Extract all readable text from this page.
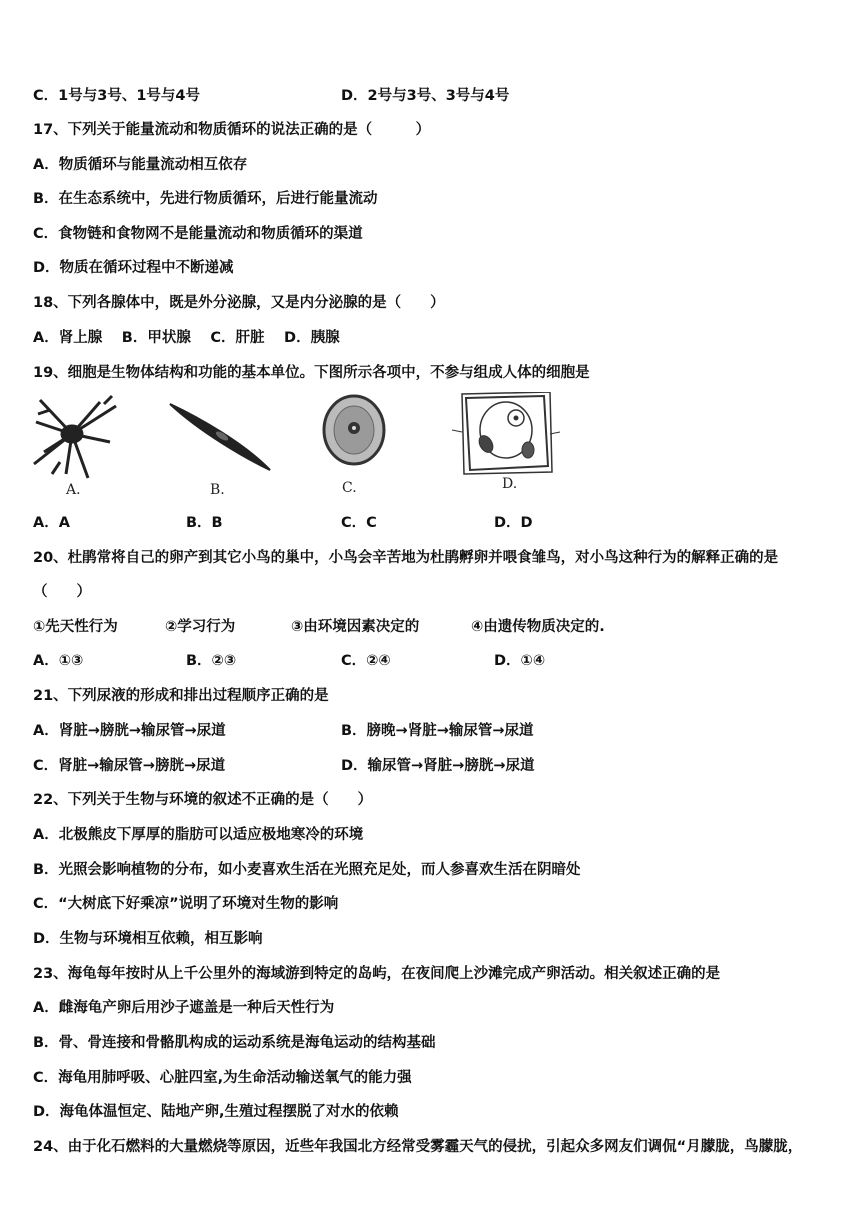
C．1号与3号、1号与4号	D．2号与3号、3号与4号
17、下列关于能量流动和物质循环的说法正确的是（　　　）
A．物质循环与能量流动相互依存
B．在生态系统中，先进行物质循环，后进行能量流动
C．食物链和食物网不是能量流动和物质循环的渠道
D．物质在循环过程中不断递减
18、下列各腺体中，既是外分泌腺，又是内分泌腺的是（　　）
A．肾上腺　 B．甲状腺　 C．肝脏　 D．胰腺
19、细胞是生物体结构和功能的基本单位。下图所示各项中，不参与组成人体的细胞是
A.	B.	C.	D.
A．A	B．B	C．C	D．D
20、杜鹃常将自己的卵产到其它小鸟的巢中，小鸟会辛苦地为杜鹃孵卵并喂食雏鸟，对小鸟这种行为的解释正确的是
（　　）
①先天性行为	②学习行为	③由环境因素决定的	④由遗传物质决定的.
A．①③	B．②③	C．②④	D．①④
21、下列尿液的形成和排出过程顺序正确的是
A．肾脏→膀胱→输尿管→尿道	B．膀晚→肾脏→输尿管→尿道
C．肾脏→输尿管→膀胱→尿道	D．输尿管→肾脏→膀胱→尿道
22、下列关于生物与环境的叙述不正确的是（　　）
A．北极熊皮下厚厚的脂肪可以适应极地寒冷的环境
B．光照会影响植物的分布，如小麦喜欢生活在光照充足处，而人参喜欢生活在阴暗处
C．“大树底下好乘凉”说明了环境对生物的影响
D．生物与环境相互依赖，相互影响
23、海龟每年按时从上千公里外的海域游到特定的岛屿，在夜间爬上沙滩完成产卵活动。相关叙述正确的是
A．雌海龟产卵后用沙子遮盖是一种后天性行为
B．骨、骨连接和骨骼肌构成的运动系统是海龟运动的结构基础
C．海龟用肺呼吸、心脏四室,为生命活动输送氧气的能力强
D．海龟体温恒定、陆地产卵,生殖过程摆脱了对水的依赖
24、由于化石燃料的大量燃烧等原因，近些年我国北方经常受雾霾天气的侵扰，引起众多网友们调侃“月朦胧，鸟朦胧，
